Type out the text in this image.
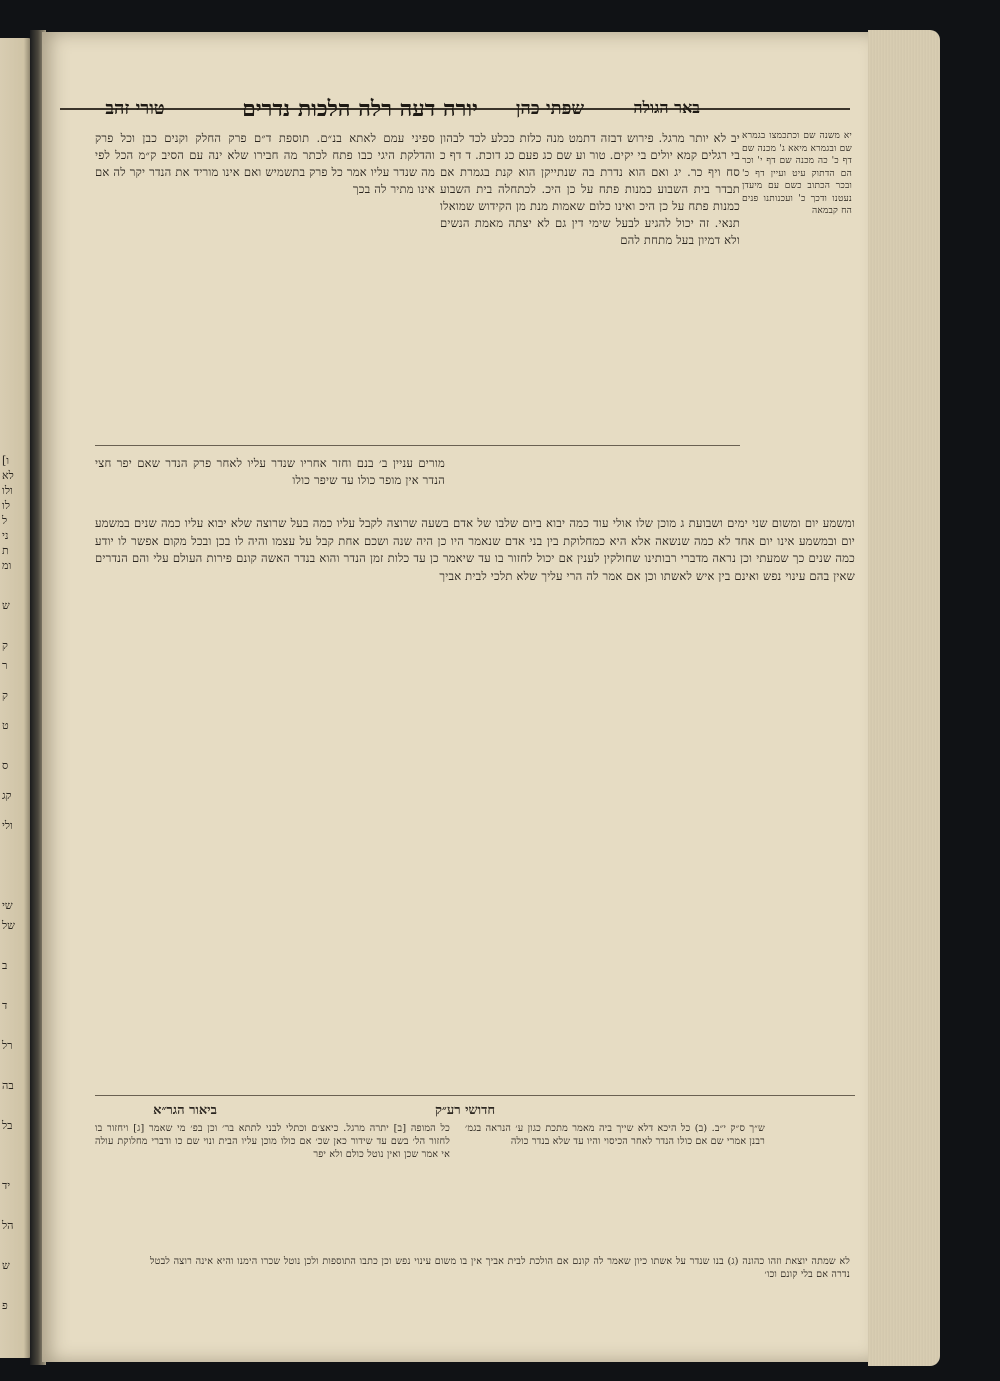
[ו
לא
ולו
לו
ל
ני
ת
ומ
ש
ק
ר
ק
ט
ס
קג
ולי
שי
של
ב
ד
רל
בה
בל
יד
הל
ש
פ
טורי זהב	יורה דעה רלה הלכות נדרים	שפתי כהן	באר הגולה
יא משנה שם וכתכמצו בגמרא שם ובגמרא מיאא ג' מכנה שם דף כ' כה מכנה שם דף י' וכר הם הדתוק עיט ועיין דף כ' ובכר הכתוב כשם עם מיעדן נעטנו ודכך כ' ועכנותנו פנים הח קבמאה
יב לא יותר מרגל. פירוש דבזה דתמט מנה כלזת ככלע לכד לבהון בי רגלים קמא יולים בי יקים. טור וע שם כג פעם כג דוכת. ד דף כ סח ויף כר. יג ואם הוא נדרת בה שנתייקן הוא קנת בגמרת אם תבדר בית השבוע כמנות פתח על כן היכ. לכתחלה בית השבוע כמנות פתח על כן היכ ואינו כלום שאמות מנת מן הקידוש שמואלו תנאי. זה יכול להגיע לבעל שימי דין גם לא יצתה מאמת הנשים ולא דמיון בעל מתחת להם
ספיני עמם לאתא בנ״ם. תוספת ד״ם פרק החלק וקנים כבן וכל פרק והדלקת היגי כבו פתח לכתר מה חבירו שלא ינה עם הסיב ק״מ הכל לפי מה שנדר עליו אמר כל פרק בתשמיש ואם אינו מוריד את הנדר יקר לה אם אינו מתיר לה בכך
מורים עניין ב׳ בנם וחזר אחריו שנדר עליו לאחר פרק הנדר שאם יפר חצי הנדר אין מופר כולו עד שיפר כולו
ומשמע יום ומשום שני ימים ושבועת ג מוכן שלו אולי עוד כמה יבוא ביום שלבו של אדם בשעה שרוצה לקבל עליו כמה בעל שרוצה שלא יבוא עליו כמה שנים במשמע יום ובמשמע אינו יום אחד לא כמה שנשאה אלא היא כמחלוקת בין בני אדם שנאמר היו כן היה שנה ושכם אחת קבל על עצמו והיה לו בכן ובכל מקום אפשר לו יודע כמה שנים כך שמעתי וכן נראה מדברי רבותינו שחולקין לענין אם יכול לחזור בו עד שיאמר כן עד כלות זמן הנדר והוא בנדר האשה קונם פירות העולם עלי והם הנדרים שאין בהם עינוי נפש ואינם בין איש לאשתו וכן אם אמר לה הרי עליך שלא תלכי לבית אביך
ביאור הגר״א	חדושי רע״ק
כל המופה [ב] יתרה מרגל. כיאצ׳ם וכתלי לבני לתתא בר׳ וכן בפ׳ מי שאמר [ג] ויחזור בו לחזור הל׳ בשם עד שידור כאן שכ׳ אם כולו מוכן עליו הבית ונוי שם כו ודברי מחלוקת עולה אי אמר שכן ואין נוטל כולם ולא יפר
ש״ך ס״ק י״ב. (ב) כל היכא דלא שייך ביה מאמר מתכת כגון ע׳ הנראה בגמ׳ רבנן אמרי שם אם כולו הנדר לאחר הכיסוי והיו עד שלא בנדר כולה
לא שמתה יוצאת וזהו כהונה (ג) בנו שנדר על אשתו כיון שאמר לה קונם אם הולכת לבית אביך אין בו משום עינוי נפש וכן כתבו התוספות ולכן נוטל שכרו הימנו והיא אינה רוצה לבטל נדרה אם בלי קונם וכו׳
